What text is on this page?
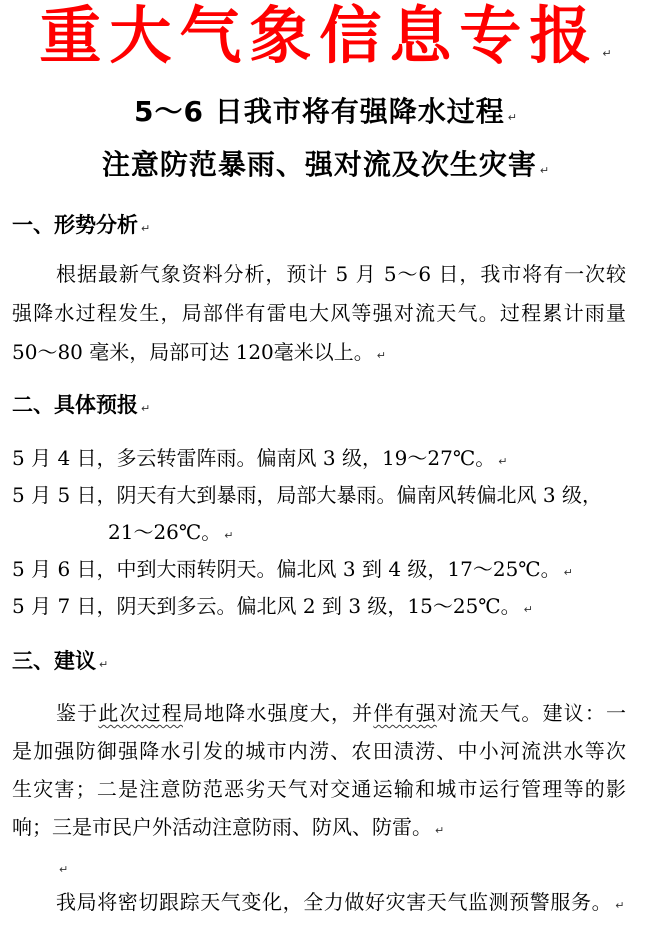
重大气象信息专报 ↵
5～6 日我市将有强降水过程 ↵
注意防范暴雨、强对流及次生灾害 ↵
一、形势分析 ↵
根据最新气象资料分析，预计 5 月 5～6 日，我市将有一次较
强降水过程发生，局部伴有雷电大风等强对流天气。过程累计雨量
50～80 毫米，局部可达 120毫米以上。 ↵
二、具体预报 ↵
5 月 4 日，多云转雷阵雨。偏南风 3 级，19～27℃。 ↵
5 月 5 日，阴天有大到暴雨，局部大暴雨。偏南风转偏北风 3 级，
21～26℃。 ↵
5 月 6 日，中到大雨转阴天。偏北风 3 到 4 级，17～25℃。 ↵
5 月 7 日，阴天到多云。偏北风 2 到 3 级，15～25℃。 ↵
三、建议 ↵
鉴于此次过程局地降水强度大，并伴有强对流天气。建议：一
是加强防御强降水引发的城市内涝、农田渍涝、中小河流洪水等次
生灾害；二是注意防范恶劣天气对交通运输和城市运行管理等的影
响；三是市民户外活动注意防雨、防风、防雷。 ↵
↵
我局将密切跟踪天气变化，全力做好灾害天气监测预警服务。 ↵
